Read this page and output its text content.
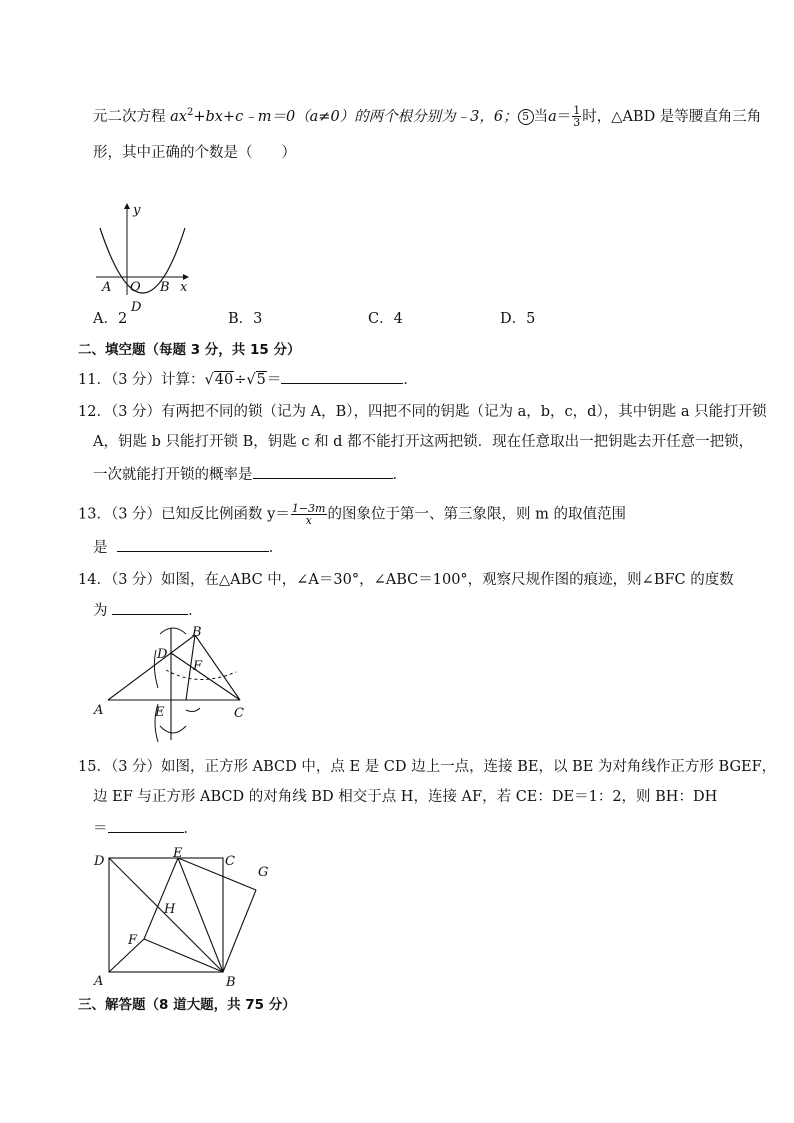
元二次方程 $ax^2+bx+c﹣m=0(a\ne 0)$的两个根分别为﹣3，6； 5 当$a= \frac{1}{3}$ 时，△ABD 是等腰直角三角
形，其中正确的个数是（　　）
y
x
A O B
D
A．2	B．3	C．4	D．5
二、填空题（每题 3 分，共 15 分）
11．（3 分）计算：√40÷√5＝	．
12．（3 分）有两把不同的锁（记为 A，B），四把不同的钥匙（记为 a，b，c，d），其中钥匙 a 只能打开锁
A，钥匙 b 只能打开锁 B，钥匙 c 和 d 都不能打开这两把锁．现在任意取出一把钥匙去开任意一把锁，
一次就能打开锁的概率是	．
13．（3 分）已知反比例函数 $y= \frac{1-3m}{x}$ 的图象位于第一、第三象限，则 m 的取值范围
是	．
14．（3 分）如图，在△ABC 中，∠A＝30°，∠ABC＝100°，观察尺规作图的痕迹，则∠BFC 的度数
为	．
B
D
F
A	E	C
15．（3 分）如图，正方形 ABCD 中，点 E 是 CD 边上一点，连接 BE，以 BE 为对角线作正方形 BGEF，
边 EF 与正方形 ABCD 的对角线 BD 相交于点 H，连接 AF，若 CE：DE＝1：2，则 BH：DH
＝	．
D
E
C
G
H
F
A	B
三、解答题（8 道大题，共 75 分）
